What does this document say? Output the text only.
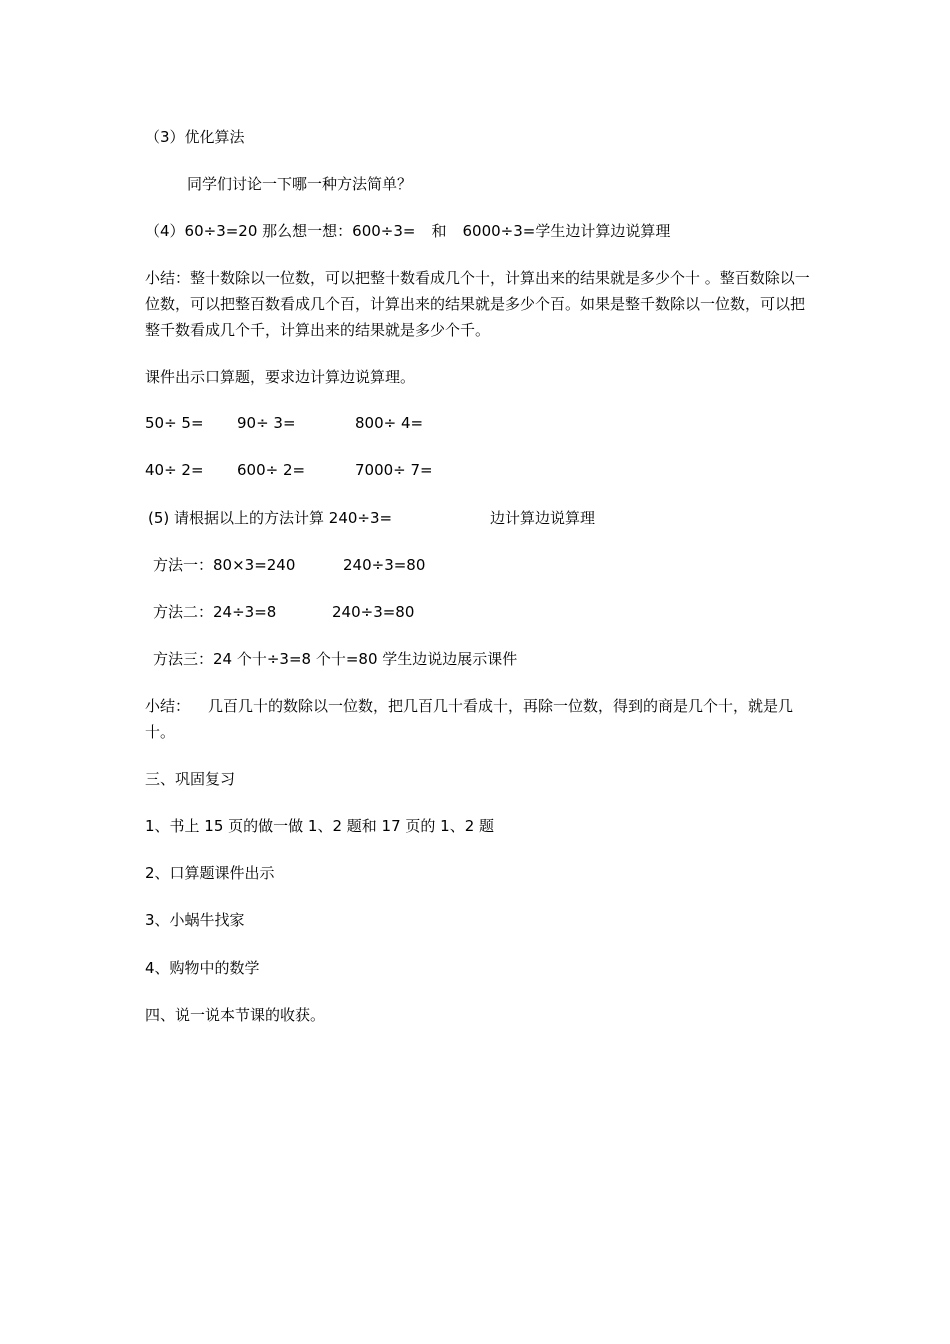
（3）优化算法
同学们讨论一下哪一种方法简单？
（4）60÷3=20 那么想一想：600÷3= 和 6000÷3=学生边计算边说算理
小结：整十数除以一位数，可以把整十数看成几个十，计算出来的结果就是多少个十 。整百数除以一位数，可以把整百数看成几个百，计算出来的结果就是多少个百。如果是整千数除以一位数，可以把整千数看成几个千，计算出来的结果就是多少个千。
课件出示口算题，要求边计算边说算理。
50÷ 5= 90÷ 3=	800÷ 4=
40÷ 2= 600÷ 2=	7000÷ 7=
(5) 请根据以上的方法计算 240÷3=	边计算边说算理
方法一：80×3=240	240÷3=80
方法二：24÷3=8	240÷3=80
方法三：24 个十÷3=8 个十=80 学生边说边展示课件
小结： 几百几十的数除以一位数，把几百几十看成十，再除一位数，得到的商是几个十，就是几十。
三、巩固复习
1、书上 15 页的做一做 1、2 题和 17 页的 1、2 题
2、口算题课件出示
3、小蜗牛找家
4、购物中的数学
四、说一说本节课的收获。
